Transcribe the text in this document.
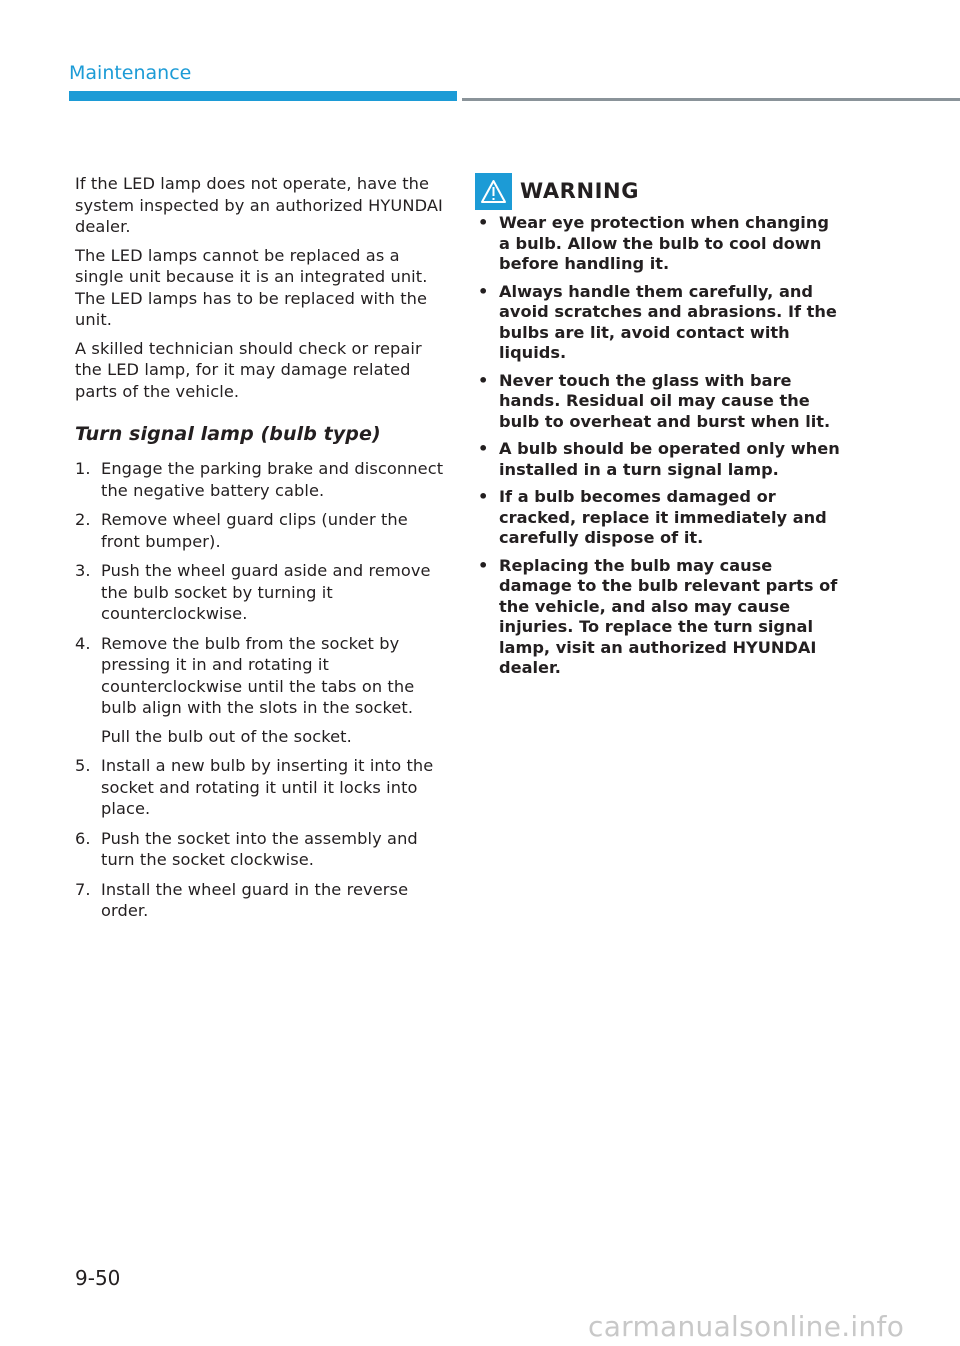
Maintenance

If the LED lamp does not operate, have the system inspected by an authorized HYUNDAI dealer.

The LED lamps cannot be replaced as a single unit because it is an integrated unit. The LED lamps has to be replaced with the unit.

A skilled technician should check or repair the LED lamp, for it may damage related parts of the vehicle.

Turn signal lamp (bulb type)
1. Engage the parking brake and disconnect the negative battery cable.
2. Remove wheel guard clips (under the front bumper).
3. Push the wheel guard aside and remove the bulb socket by turning it counterclockwise.
4. Remove the bulb from the socket by pressing it in and rotating it counterclockwise until the tabs on the bulb align with the slots in the socket.
Pull the bulb out of the socket.
5. Install a new bulb by inserting it into the socket and rotating it until it locks into place.
6. Push the socket into the assembly and turn the socket clockwise.
7. Install the wheel guard in the reverse order.
WARNING
• Wear eye protection when changing a bulb. Allow the bulb to cool down before handling it.
• Always handle them carefully, and avoid scratches and abrasions. If the bulbs are lit, avoid contact with liquids.
• Never touch the glass with bare hands. Residual oil may cause the bulb to overheat and burst when lit.
• A bulb should be operated only when installed in a turn signal lamp.
• If a bulb becomes damaged or cracked, replace it immediately and carefully dispose of it.
• Replacing the bulb may cause damage to the bulb relevant parts of the vehicle, and also may cause injuries. To replace the turn signal lamp, visit an authorized HYUNDAI dealer.
9-50
carmanualsonline.info
